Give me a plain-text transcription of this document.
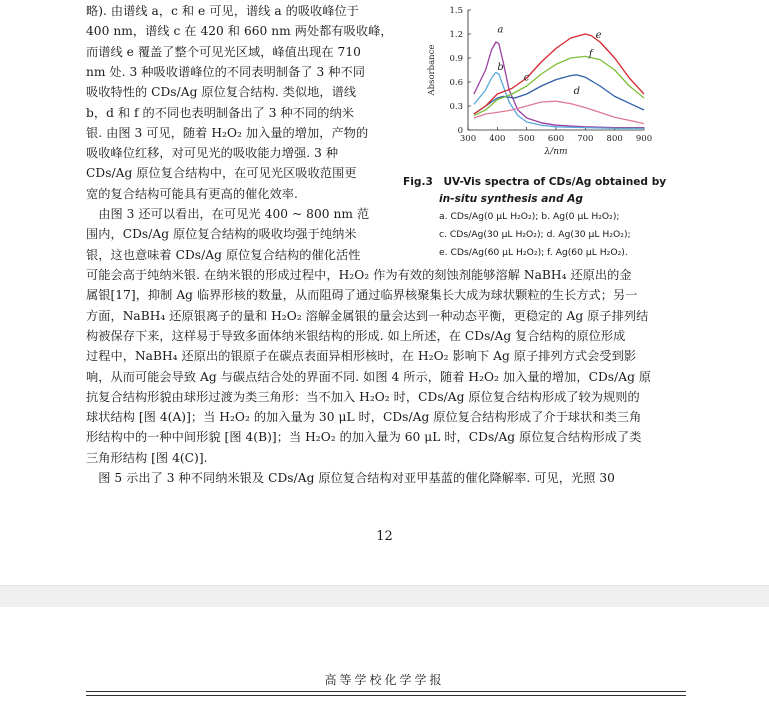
略). 由谱线 a，c 和 e 可见，谱线 a 的吸收峰位于
400 nm，谱线 c 在 420 和 660 nm 两处都有吸收峰，
而谱线 e 覆盖了整个可见光区域，峰值出现在 710
nm 处. 3 种吸收谱峰位的不同表明制备了 3 种不同
吸收特性的 CDs/Ag 原位复合结构. 类似地，谱线
b，d 和 f 的不同也表明制备出了 3 种不同的纳米
银. 由图 3 可见，随着 H₂O₂ 加入量的增加，产物的
吸收峰位红移，对可见光的吸收能力增强. 3 种
CDs/Ag 原位复合结构中，在可见光区吸收范围更
宽的复合结构可能具有更高的催化效率.
　由图 3 还可以看出，在可见光 400 ~ 800 nm 范
围内，CDs/Ag 原位复合结构的吸收均强于纯纳米
银，这也意味着 CDs/Ag 原位复合结构的催化活性
0
0.3
0.6
0.9
1.2
1.5
300 400 500 600 700 800 900
λ/nm
Absorbance
a
b
c
d
e
f
Fig.3　UV-Vis spectra of CDs/Ag obtained by
in-situ synthesis and Ag
a. CDs/Ag(0 μL H₂O₂); b. Ag(0 μL H₂O₂);
c. CDs/Ag(30 μL H₂O₂); d. Ag(30 μL H₂O₂);
e. CDs/Ag(60 μL H₂O₂); f. Ag(60 μL H₂O₂).
可能会高于纯纳米银. 在纳米银的形成过程中，H₂O₂ 作为有效的刻蚀剂能够溶解 NaBH₄ 还原出的金
属银[17]，抑制 Ag 临界形核的数量，从而阻碍了通过临界核聚集长大成为球状颗粒的生长方式；另一
方面，NaBH₄ 还原银离子的量和 H₂O₂ 溶解金属银的量会达到一种动态平衡，更稳定的 Ag 原子排列结
构被保存下来，这样易于导致多面体纳米银结构的形成. 如上所述，在 CDs/Ag 复合结构的原位形成
过程中，NaBH₄ 还原出的银原子在碳点表面异相形核时，在 H₂O₂ 影响下 Ag 原子排列方式会受到影
响，从而可能会导致 Ag 与碳点结合处的界面不同. 如图 4 所示，随着 H₂O₂ 加入量的增加，CDs/Ag 原
抗复合结构形貌由球形过渡为类三角形：当不加入 H₂O₂ 时，CDs/Ag 原位复合结构形成了较为规则的
球状结构 [图 4(A)]；当 H₂O₂ 的加入量为 30 μL 时，CDs/Ag 原位复合结构形成了介于球状和类三角
形结构中的一种中间形貌 [图 4(B)]；当 H₂O₂ 的加入量为 60 μL 时，CDs/Ag 原位复合结构形成了类
三角形结构 [图 4(C)].
　图 5 示出了 3 种不同纳米银及 CDs/Ag 原位复合结构对亚甲基蓝的催化降解率. 可见，光照 30
12
高等学校化学学报
